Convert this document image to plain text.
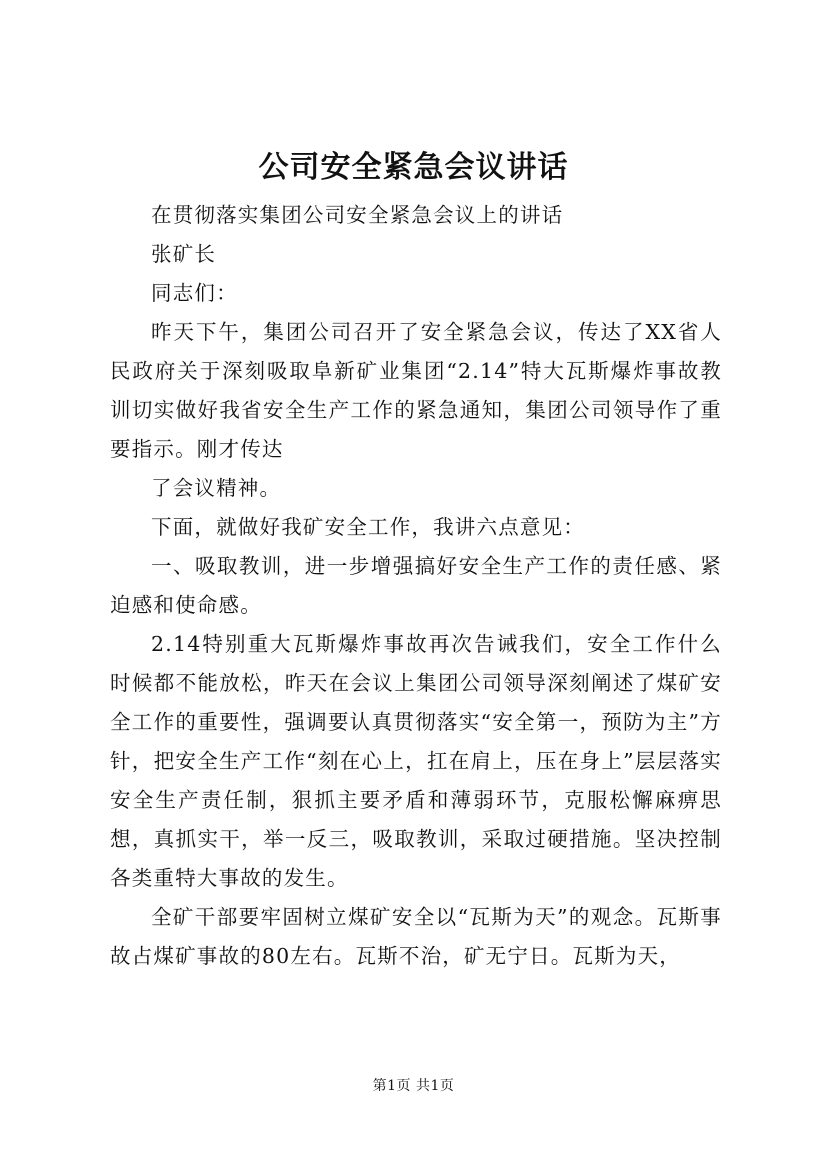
公司安全紧急会议讲话

在贯彻落实集团公司安全紧急会议上的讲话

张矿长

同志们：

昨天下午，集团公司召开了安全紧急会议，传达了XX省人民政府关于深刻吸取阜新矿业集团“2.14”特大瓦斯爆炸事故教训切实做好我省安全生产工作的紧急通知，集团公司领导作了重要指示。刚才传达

了会议精神。

下面，就做好我矿安全工作，我讲六点意见：

一、吸取教训，进一步增强搞好安全生产工作的责任感、紧迫感和使命感。

2.14特别重大瓦斯爆炸事故再次告诫我们，安全工作什么时候都不能放松，昨天在会议上集团公司领导深刻阐述了煤矿安全工作的重要性，强调要认真贯彻落实“安全第一，预防为主”方针，把安全生产工作“刻在心上，扛在肩上，压在身上”层层落实安全生产责任制，狠抓主要矛盾和薄弱环节，克服松懈麻痹思想，真抓实干，举一反三，吸取教训，采取过硬措施。坚决控制各类重特大事故的发生。

全矿干部要牢固树立煤矿安全以“瓦斯为天”的观念。瓦斯事故占煤矿事故的80左右。瓦斯不治，矿无宁日。瓦斯为天，

第1页 共1页
